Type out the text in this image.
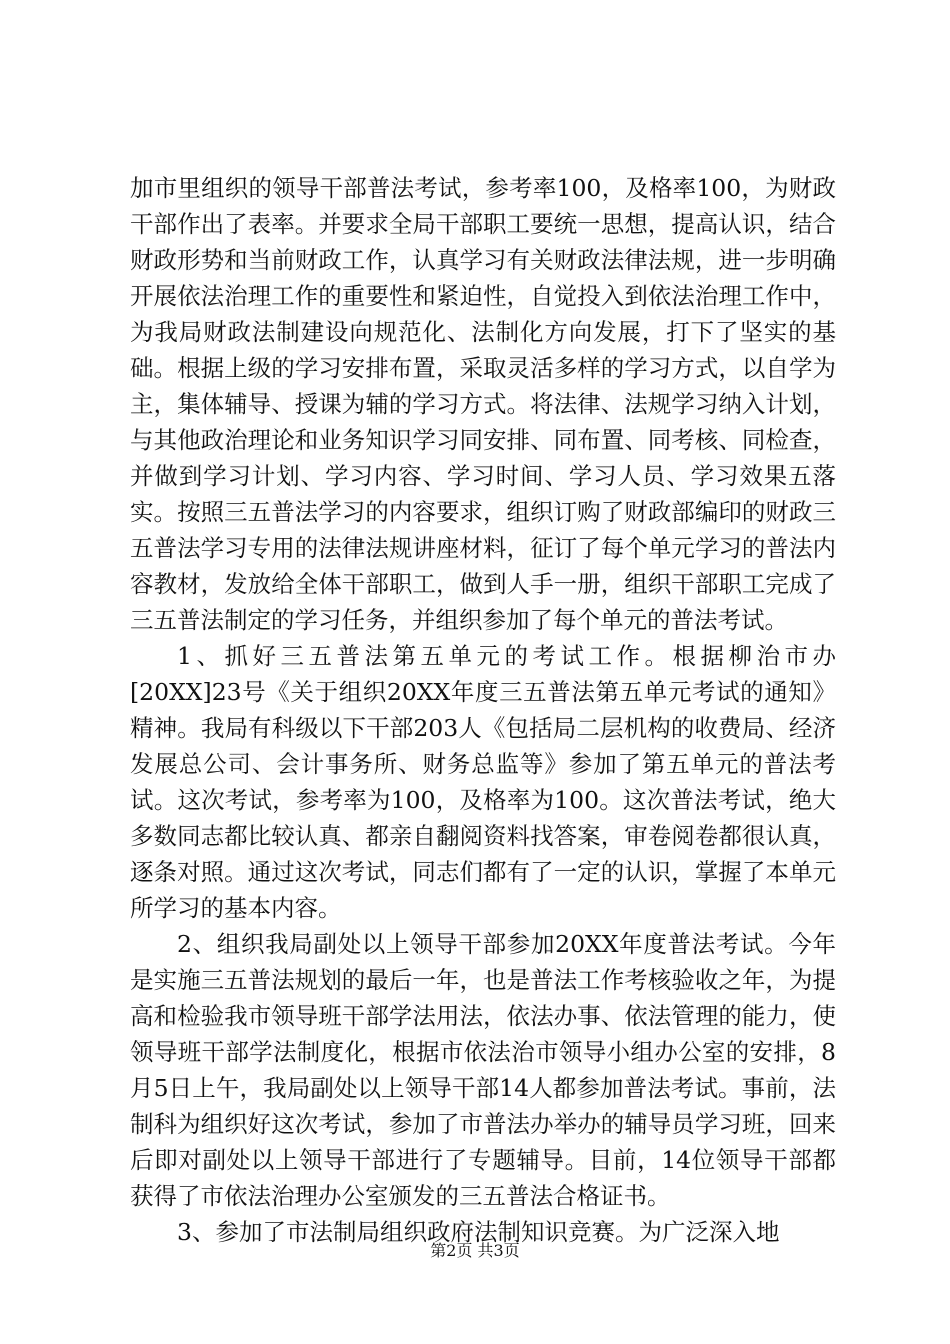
加市里组织的领导干部普法考试，参考率100，及格率100，为财政干部作出了表率。并要求全局干部职工要统一思想，提高认识，结合财政形势和当前财政工作，认真学习有关财政法律法规，进一步明确开展依法治理工作的重要性和紧迫性，自觉投入到依法治理工作中，为我局财政法制建设向规范化、法制化方向发展，打下了坚实的基础。根据上级的学习安排布置，采取灵活多样的学习方式，以自学为主，集体辅导、授课为辅的学习方式。将法律、法规学习纳入计划，与其他政治理论和业务知识学习同安排、同布置、同考核、同检查，并做到学习计划、学习内容、学习时间、学习人员、学习效果五落实。按照三五普法学习的内容要求，组织订购了财政部编印的财政三五普法学习专用的法律法规讲座材料，征订了每个单元学习的普法内容教材，发放给全体干部职工，做到人手一册，组织干部职工完成了三五普法制定的学习任务，并组织参加了每个单元的普法考试。

1、抓好三五普法第五单元的考试工作。根据柳治市办[20XX]23号《关于组织20XX年度三五普法第五单元考试的通知》精神。我局有科级以下干部203人《包括局二层机构的收费局、经济发展总公司、会计事务所、财务总监等》参加了第五单元的普法考试。这次考试，参考率为100，及格率为100。这次普法考试，绝大多数同志都比较认真、都亲自翻阅资料找答案，审卷阅卷都很认真，逐条对照。通过这次考试，同志们都有了一定的认识，掌握了本单元所学习的基本内容。

2、组织我局副处以上领导干部参加20XX年度普法考试。今年是实施三五普法规划的最后一年，也是普法工作考核验收之年，为提高和检验我市领导班干部学法用法，依法办事、依法管理的能力，使领导班干部学法制度化，根据市依法治市领导小组办公室的安排，8月5日上午，我局副处以上领导干部14人都参加普法考试。事前，法制科为组织好这次考试，参加了市普法办举办的辅导员学习班，回来后即对副处以上领导干部进行了专题辅导。目前，14位领导干部都获得了市依法治理办公室颁发的三五普法合格证书。

3、参加了市法制局组织政府法制知识竞赛。为广泛深入地

第2页 共3页
